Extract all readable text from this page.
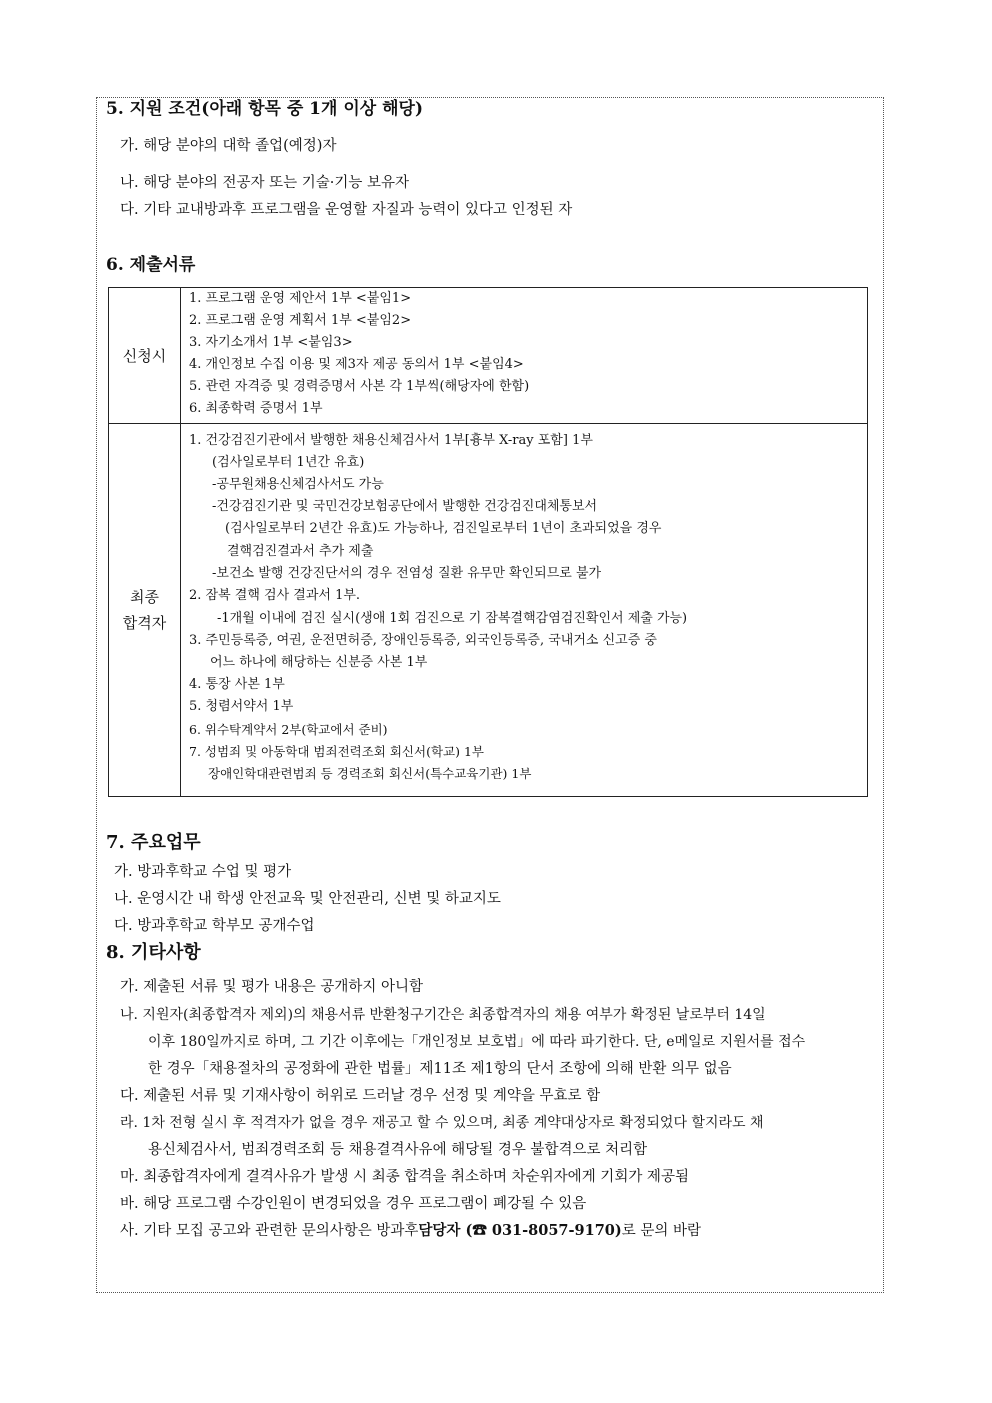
5. 지원 조건(아래 항목 중 1개 이상 해당)
가. 해당 분야의 대학 졸업(예정)자
나. 해당 분야의 전공자 또는 기술·기능 보유자
다. 기타 교내방과후 프로그램을 운영할 자질과 능력이 있다고 인정된 자
6. 제출서류
신청시
1. 프로그램 운영 제안서 1부 <붙임1>
2. 프로그램 운영 계획서 1부 <붙임2>
3. 자기소개서 1부 <붙임3>
4. 개인정보 수집 이용 및 제3자 제공 동의서 1부 <붙임4>
5. 관련 자격증 및 경력증명서 사본 각 1부씩(해당자에 한함)
6. 최종학력 증명서 1부
최종
합격자
1. 건강검진기관에서 발행한 채용신체검사서 1부[흉부 X-ray 포함] 1부
(검사일로부터 1년간 유효)
-공무원채용신체검사서도 가능
-건강검진기관 및 국민건강보험공단에서 발행한 건강검진대체통보서
(검사일로부터 2년간 유효)도 가능하나, 검진일로부터 1년이 초과되었을 경우
결핵검진결과서 추가 제출
-보건소 발행 건강진단서의 경우 전염성 질환 유무만 확인되므로 불가
2. 잠복 결핵 검사 결과서 1부.
-1개월 이내에 검진 실시(생애 1회 검진으로 기 잠복결핵감염검진확인서 제출 가능)
3. 주민등록증, 여권, 운전면허증, 장애인등록증, 외국인등록증, 국내거소 신고증 중
어느 하나에 해당하는 신분증 사본 1부
4. 통장 사본 1부
5. 청렴서약서 1부
6. 위수탁계약서 2부(학교에서 준비)
7. 성범죄 및 아동학대 범죄전력조회 회신서(학교) 1부
장애인학대관련범죄 등 경력조회 회신서(특수교육기관) 1부
7. 주요업무
가. 방과후학교 수업 및 평가
나. 운영시간 내 학생 안전교육 및 안전관리, 신변 및 하교지도
다. 방과후학교 학부모 공개수업
8. 기타사항
가. 제출된 서류 및 평가 내용은 공개하지 아니함
나. 지원자(최종합격자 제외)의 채용서류 반환청구기간은 최종합격자의 채용 여부가 확정된 날로부터 14일
이후 180일까지로 하며, 그 기간 이후에는「개인정보 보호법」에 따라 파기한다. 단, e메일로 지원서를 접수
한 경우「채용절차의 공정화에 관한 법률」제11조 제1항의 단서 조항에 의해 반환 의무 없음
다. 제출된 서류 및 기재사항이 허위로 드러날 경우 선정 및 계약을 무효로 함
라. 1차 전형 실시 후 적격자가 없을 경우 재공고 할 수 있으며, 최종 계약대상자로 확정되었다 할지라도 채
용신체검사서, 범죄경력조회 등 채용결격사유에 해당될 경우 불합격으로 처리함
마. 최종합격자에게 결격사유가 발생 시 최종 합격을 취소하며 차순위자에게 기회가 제공됨
바. 해당 프로그램 수강인원이 변경되었을 경우 프로그램이 폐강될 수 있음
사. 기타 모집 공고와 관련한 문의사항은 방과후담당자 (☎ 031-8057-9170)로 문의 바람
